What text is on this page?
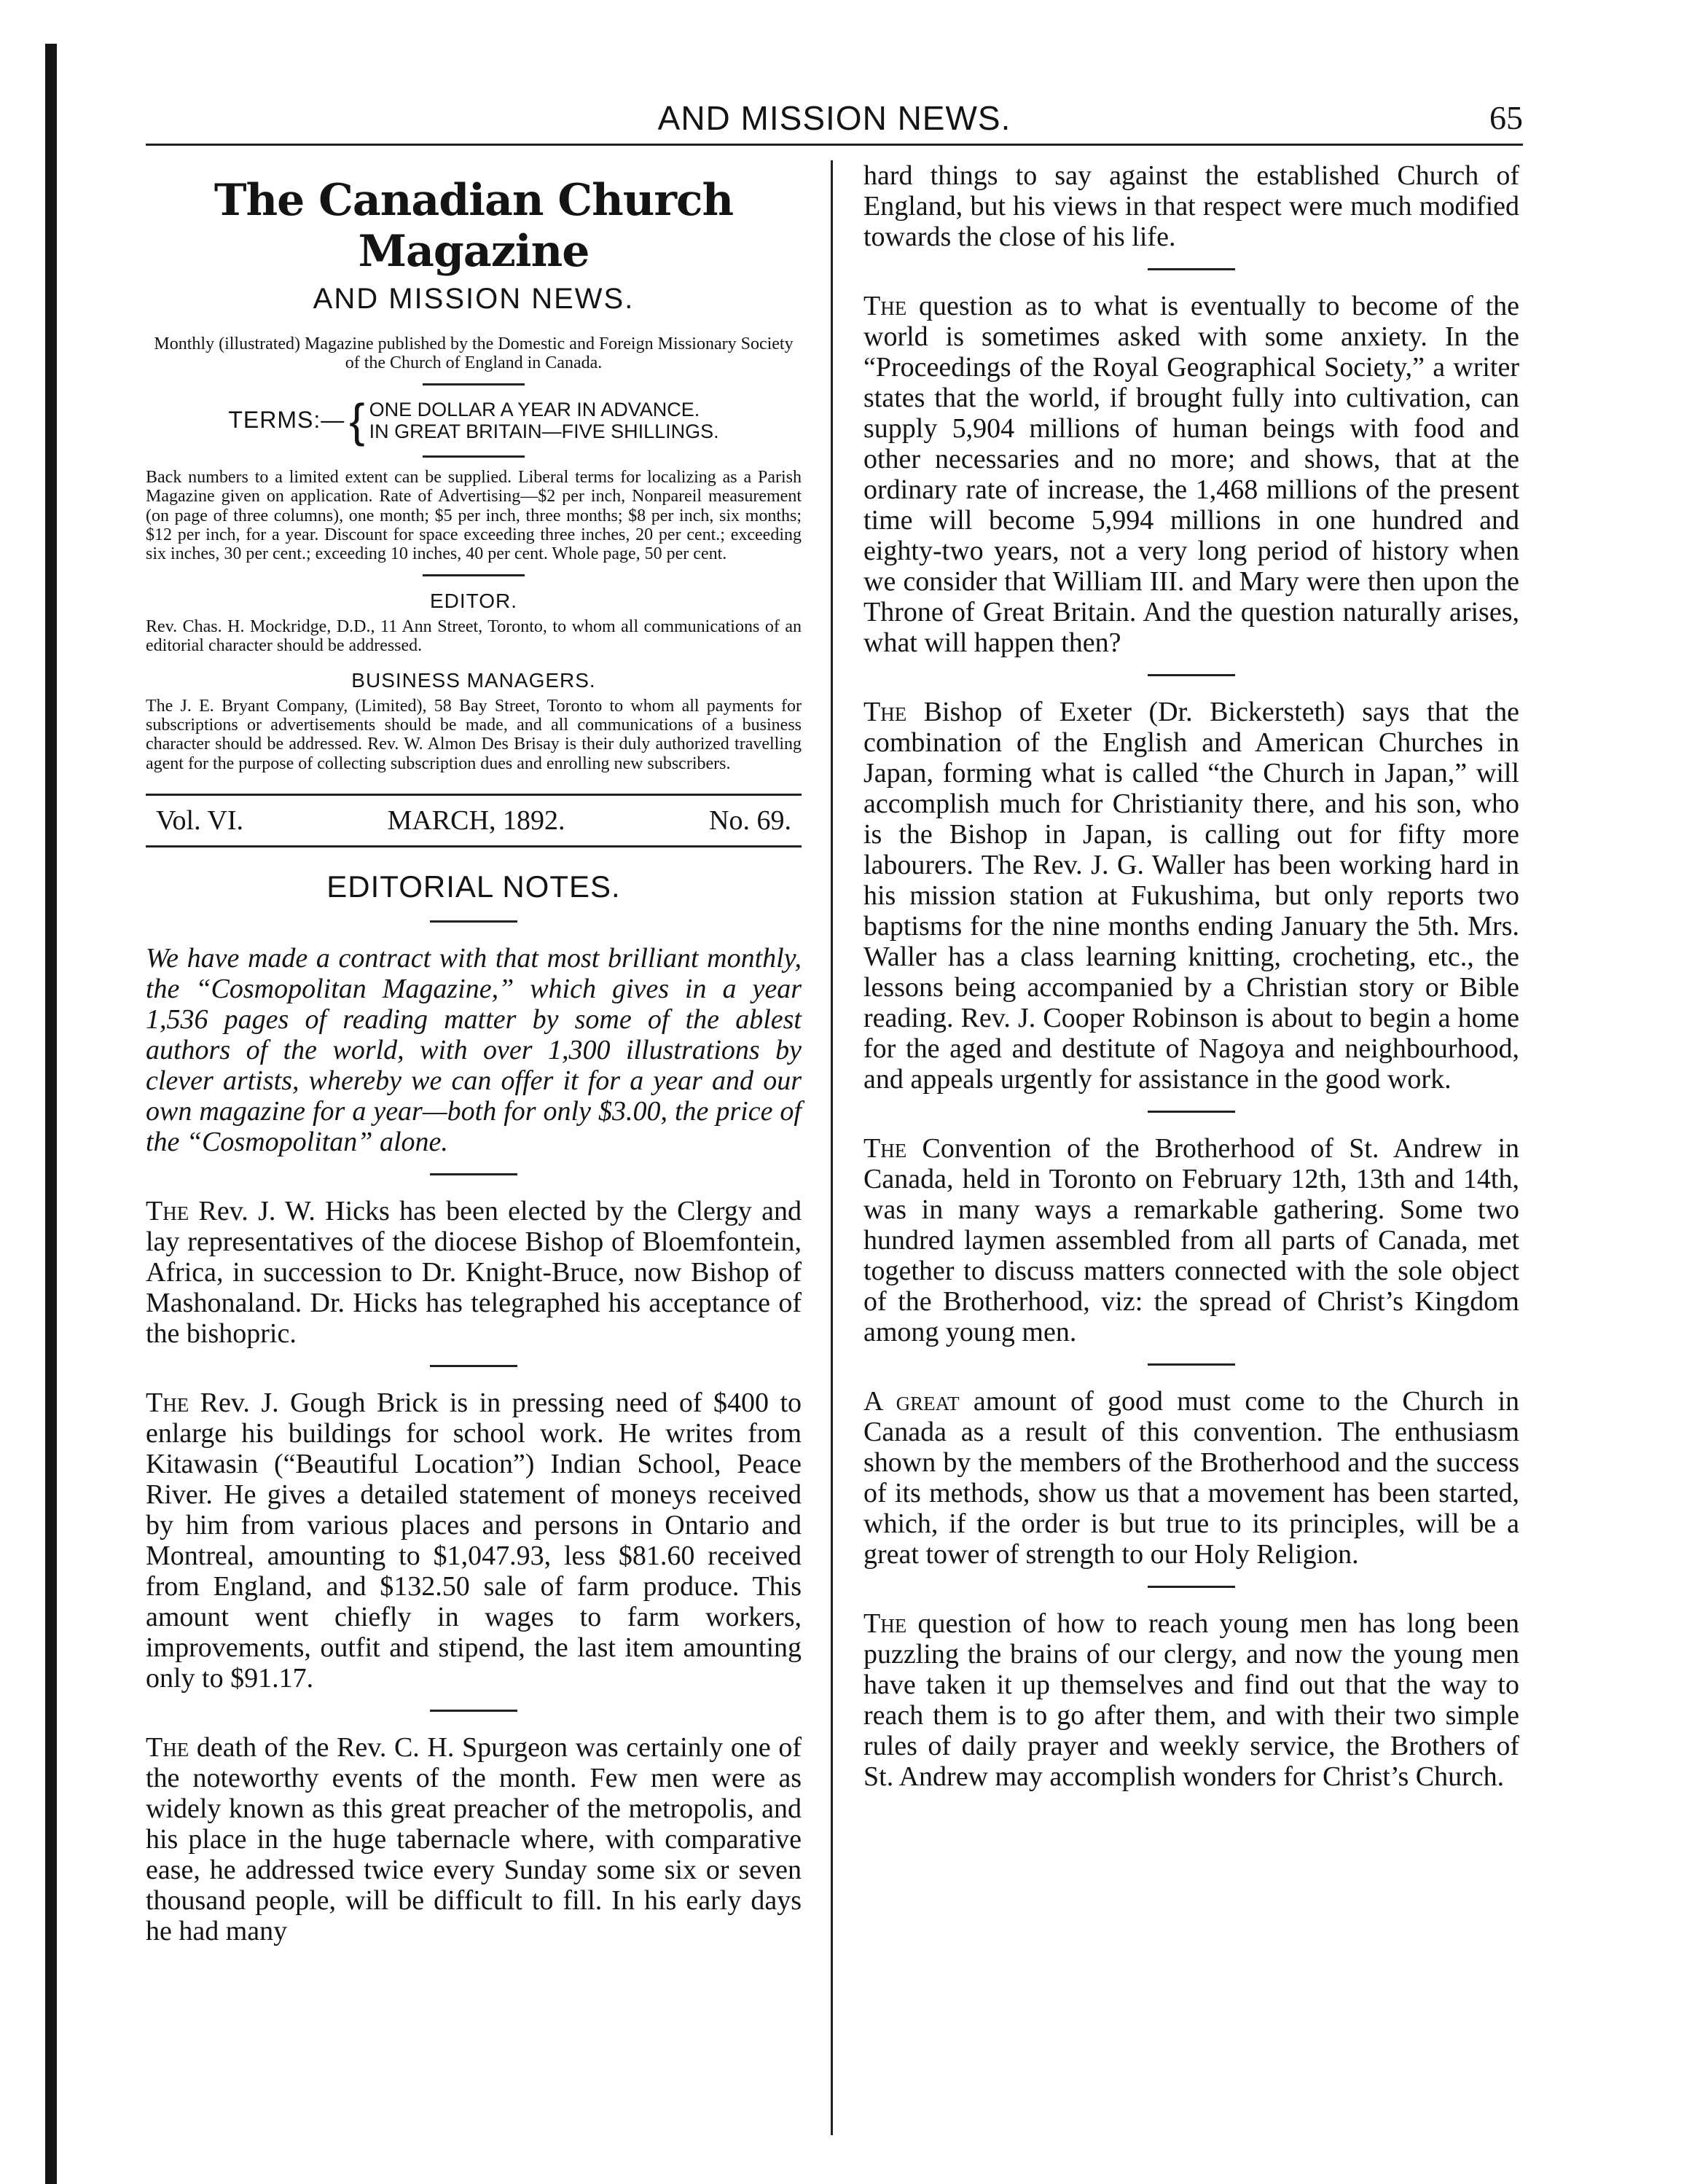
AND MISSION NEWS.	65
The Canadian Church Magazine
AND MISSION NEWS.

Monthly (illustrated) Magazine published by the Domestic and Foreign Missionary Society of the Church of England in Canada.

TERMS:— { ONE DOLLAR A YEAR IN ADVANCE.
IN GREAT BRITAIN—FIVE SHILLINGS.

Back numbers to a limited extent can be supplied. Liberal terms for localizing as a Parish Magazine given on application. Rate of Advertising—$2 per inch, Nonpareil measurement (on page of three columns), one month; $5 per inch, three months; $8 per inch, six months; $12 per inch, for a year. Discount for space exceeding three inches, 20 per cent.; exceeding six inches, 30 per cent.; exceeding 10 inches, 40 per cent. Whole page, 50 per cent.

EDITOR.

Rev. Chas. H. Mockridge, D.D., 11 Ann Street, Toronto, to whom all communications of an editorial character should be addressed.

BUSINESS MANAGERS.

The J. E. Bryant Company, (Limited), 58 Bay Street, Toronto to whom all payments for subscriptions or advertisements should be made, and all communications of a business character should be addressed. Rev. W. Almon Des Brisay is their duly authorized travelling agent for the purpose of collecting subscription dues and enrolling new subscribers.

Vol. VI.	MARCH, 1892.	No. 69.
EDITORIAL NOTES.

We have made a contract with that most brilliant monthly, the “Cosmopolitan Magazine,” which gives in a year 1,536 pages of reading matter by some of the ablest authors of the world, with over 1,300 illustrations by clever artists, whereby we can offer it for a year and our own magazine for a year—both for only $3.00, the price of the “Cosmopolitan” alone.

The Rev. J. W. Hicks has been elected by the Clergy and lay representatives of the diocese Bishop of Bloemfontein, Africa, in succession to Dr. Knight-Bruce, now Bishop of Mashonaland. Dr. Hicks has telegraphed his acceptance of the bishopric.

The Rev. J. Gough Brick is in pressing need of $400 to enlarge his buildings for school work. He writes from Kitawasin (“Beautiful Location”) Indian School, Peace River. He gives a detailed statement of moneys received by him from various places and persons in Ontario and Montreal, amounting to $1,047.93, less $81.60 received from England, and $132.50 sale of farm produce. This amount went chiefly in wages to farm workers, improvements, outfit and stipend, the last item amounting only to $91.17.

The death of the Rev. C. H. Spurgeon was certainly one of the noteworthy events of the month. Few men were as widely known as this great preacher of the metropolis, and his place in the huge tabernacle where, with comparative ease, he addressed twice every Sunday some six or seven thousand people, will be difficult to fill. In his early days he had many

hard things to say against the established Church of England, but his views in that respect were much modified towards the close of his life.

The question as to what is eventually to become of the world is sometimes asked with some anxiety. In the “Proceedings of the Royal Geographical Society,” a writer states that the world, if brought fully into cultivation, can supply 5,904 millions of human beings with food and other necessaries and no more; and shows, that at the ordinary rate of increase, the 1,468 millions of the present time will become 5,994 millions in one hundred and eighty-two years, not a very long period of history when we consider that William III. and Mary were then upon the Throne of Great Britain. And the question naturally arises, what will happen then?

The Bishop of Exeter (Dr. Bickersteth) says that the combination of the English and American Churches in Japan, forming what is called “the Church in Japan,” will accomplish much for Christianity there, and his son, who is the Bishop in Japan, is calling out for fifty more labourers. The Rev. J. G. Waller has been working hard in his mission station at Fukushima, but only reports two baptisms for the nine months ending January the 5th. Mrs. Waller has a class learning knitting, crocheting, etc., the lessons being accompanied by a Christian story or Bible reading. Rev. J. Cooper Robinson is about to begin a home for the aged and destitute of Nagoya and neighbourhood, and appeals urgently for assistance in the good work.

The Convention of the Brotherhood of St. Andrew in Canada, held in Toronto on February 12th, 13th and 14th, was in many ways a remarkable gathering. Some two hundred laymen assembled from all parts of Canada, met together to discuss matters connected with the sole object of the Brotherhood, viz: the spread of Christ’s Kingdom among young men.

A great amount of good must come to the Church in Canada as a result of this convention. The enthusiasm shown by the members of the Brotherhood and the success of its methods, show us that a movement has been started, which, if the order is but true to its principles, will be a great tower of strength to our Holy Religion.

The question of how to reach young men has long been puzzling the brains of our clergy, and now the young men have taken it up themselves and find out that the way to reach them is to go after them, and with their two simple rules of daily prayer and weekly service, the Brothers of St. Andrew may accomplish wonders for Christ’s Church.
